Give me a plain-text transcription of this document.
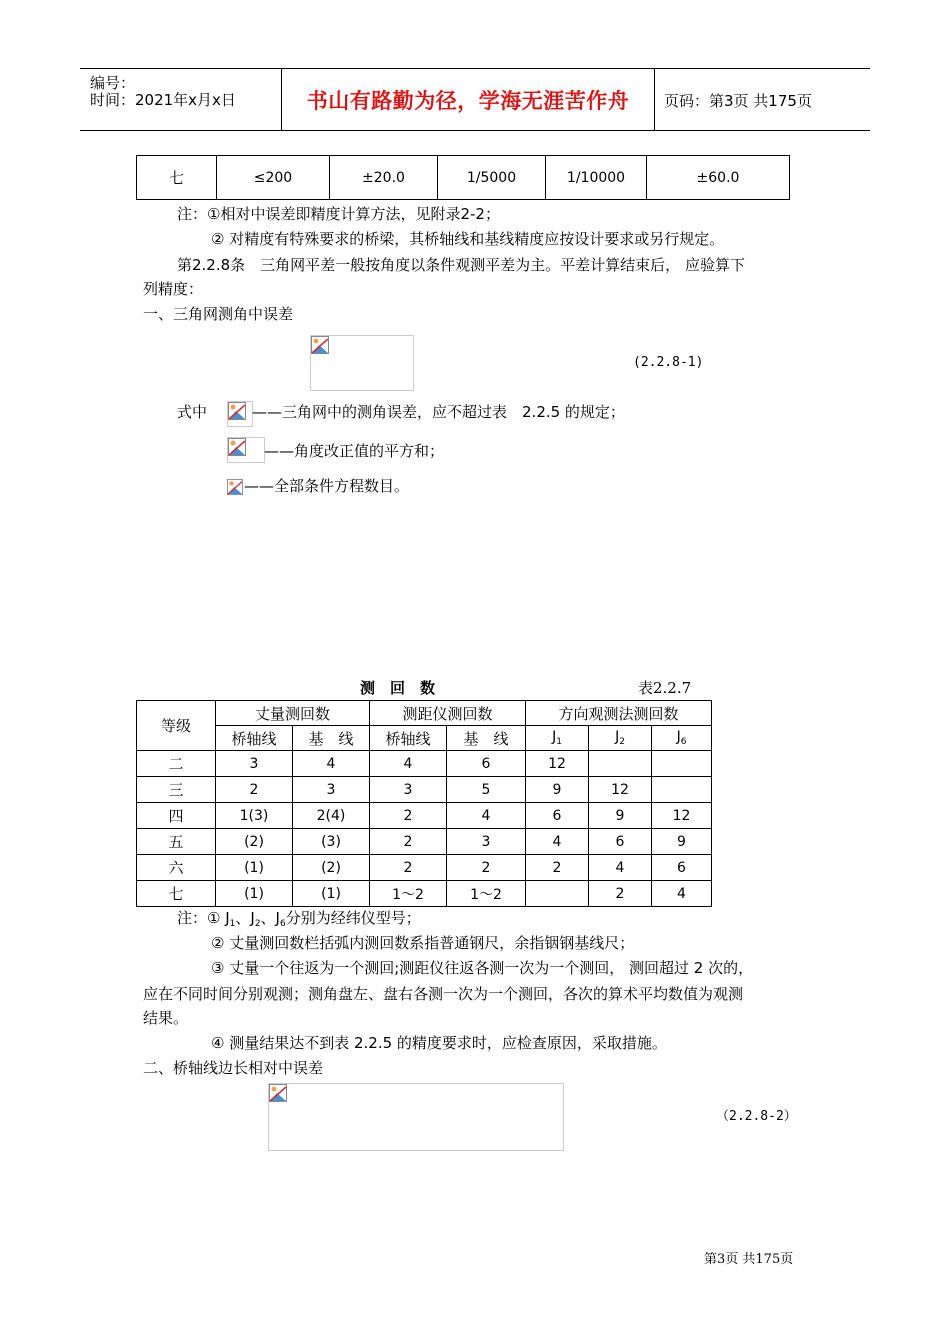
编号：
时间：2021年x月x日	书山有路勤为径，学海无涯苦作舟	页码：第3页 共175页
七	≤200	±20.0	1/5000	1/10000	±60.0
注：①相对中误差即精度计算方法，见附录2-2；
② 对精度有特殊要求的桥梁，其桥轴线和基线精度应按设计要求或另行规定。
第2.2.8条　三角网平差一般按角度以条件观测平差为主。平差计算结束后， 应验算下
列精度：
一、三角网测角中误差
(2.2.8-1)
式中	——三角网中的测角误差，应不超过表　2.2.5 的规定；
——角度改正值的平方和；
——全部条件方程数目。
测　回　数	表2.2.7
等级	丈量测回数		测距仪测回数		方向观测法测回数		
	桥轴线	基　线	桥轴线	基　线	$J_1$	$J_2$	$J_6$
二	3	4	4	6	12		
三	2	3	3	5	9	12	
四	1(3)	2(4)	2	4	6	9	12
五	(2)	(3)	2	3	4	6	9
六	(1)	(2)	2	2	2	4	6
七	(1)	(1)	1～2	1～2		2	4
注：① $J_1$、$J_2$、$J_6$分别为经纬仪型号；
② 丈量测回数栏括弧内测回数系指普通钢尺，余指铟钢基线尺；
③ 丈量一个往返为一个测回;测距仪往返各测一次为一个测回， 测回超过 2 次的，
应在不同时间分别观测；测角盘左、盘右各测一次为一个测回，各次的算术平均数值为观测
结果。
④ 测量结果达不到表 2.2.5 的精度要求时，应检查原因，采取措施。
二、桥轴线边长相对中误差
（2.2.8-2）
第3页 共175页
